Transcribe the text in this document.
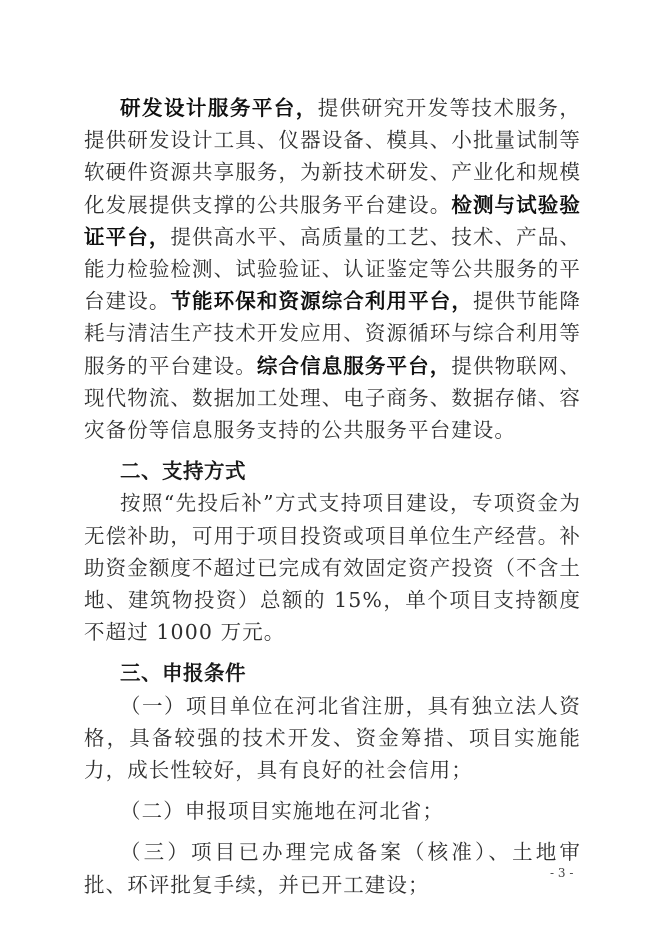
研发设计服务平台，提供研究开发等技术服务，提供研发设计工具、仪器设备、模具、小批量试制等软硬件资源共享服务，为新技术研发、产业化和规模化发展提供支撑的公共服务平台建设。检测与试验验证平台，提供高水平、高质量的工艺、技术、产品、能力检验检测、试验验证、认证鉴定等公共服务的平台建设。节能环保和资源综合利用平台，提供节能降耗与清洁生产技术开发应用、资源循环与综合利用等服务的平台建设。综合信息服务平台，提供物联网、现代物流、数据加工处理、电子商务、数据存储、容灾备份等信息服务支持的公共服务平台建设。

二、支持方式

按照“先投后补”方式支持项目建设，专项资金为无偿补助，可用于项目投资或项目单位生产经营。补助资金额度不超过已完成有效固定资产投资（不含土地、建筑物投资）总额的 15%，单个项目支持额度不超过 1000 万元。

三、申报条件

（一）项目单位在河北省注册，具有独立法人资格，具备较强的技术开发、资金筹措、项目实施能力，成长性较好，具有良好的社会信用；

（二）申报项目实施地在河北省；

（三）项目已办理完成备案（核准）、土地审批、环评批复手续，并已开工建设；	- 3 -
